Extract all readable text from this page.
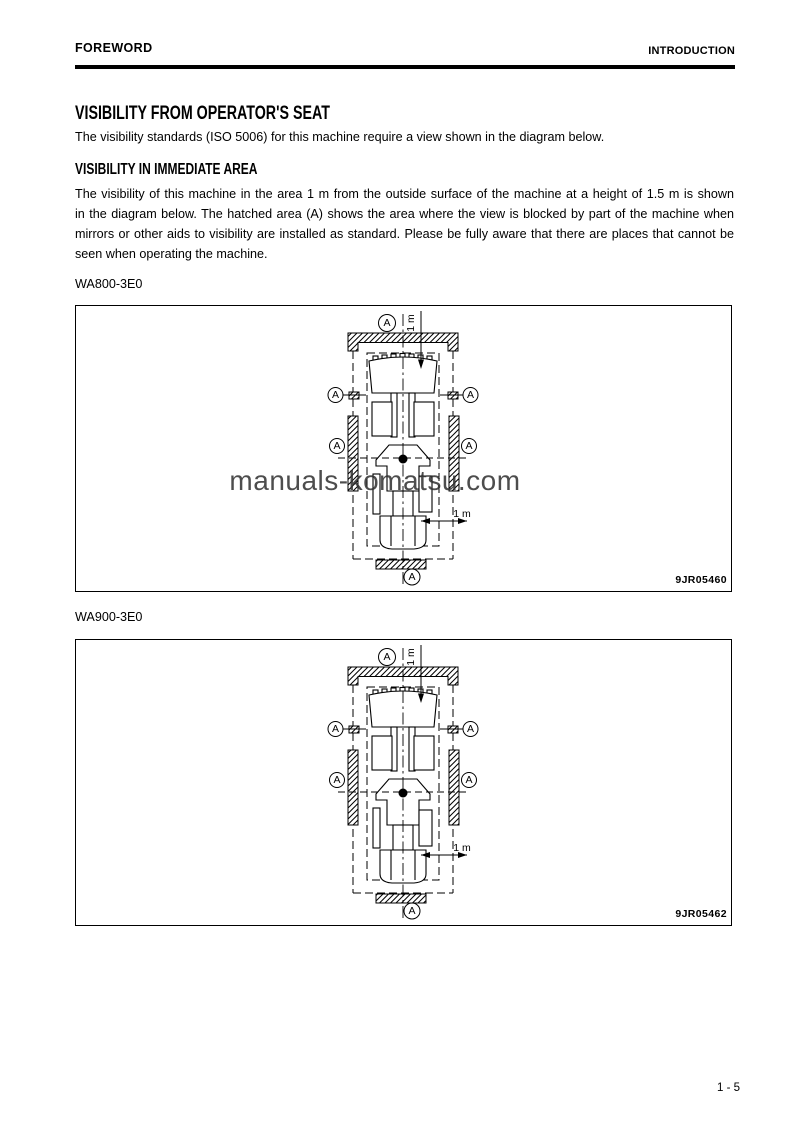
FOREWORD	INTRODUCTION
VISIBILITY FROM OPERATOR'S SEAT
The visibility standards (ISO 5006) for this machine require a view shown in the diagram below.
VISIBILITY IN IMMEDIATE AREA
The visibility of this machine in the area 1 m from the outside surface of the machine at a height of 1.5 m is shown
in the diagram below. The hatched area (A) shows the area where the view is blocked by part of the machine when
mirrors or other aids to visibility are installed as standard. Please be fully aware that there are places that cannot be
seen when operating the machine.
WA800-3E0
1 m
1 m
A
A	A
A	A
A	9JR05460
manuals-komatsu.com
WA900-3E0
1 m
1 m
A
A	A
A	A
A	9JR05462
1 - 5
